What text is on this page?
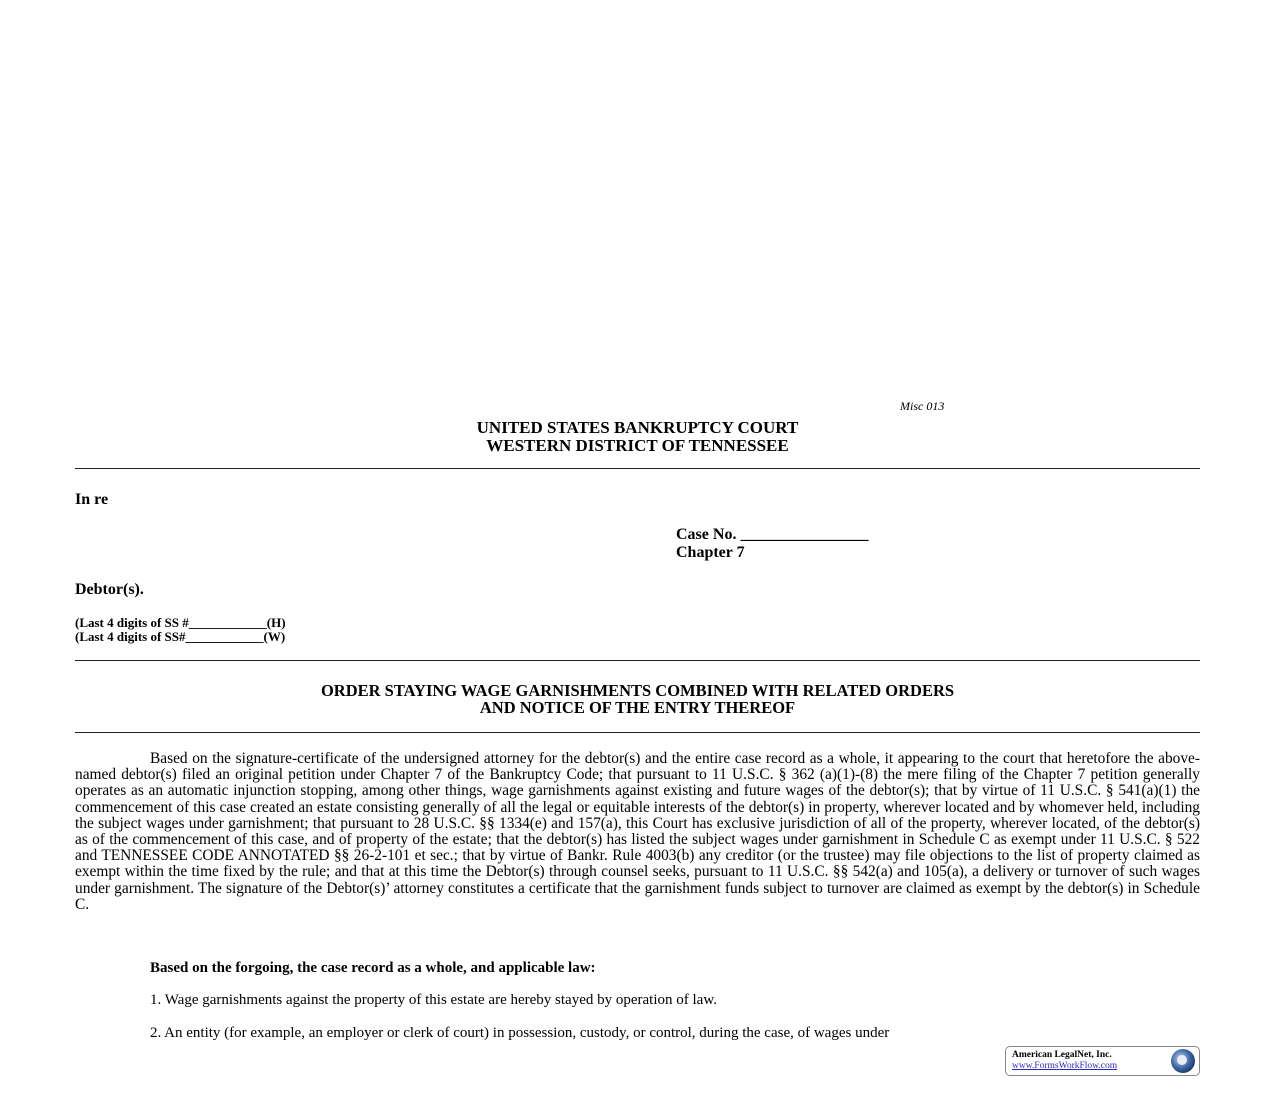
Misc 013
UNITED STATES BANKRUPTCY COURT
WESTERN DISTRICT OF TENNESSEE
In re
Case No. ________________
Chapter 7
Debtor(s).
(Last 4 digits of SS #____________(H)
(Last 4 digits of SS#____________(W)
ORDER STAYING WAGE GARNISHMENTS COMBINED WITH RELATED ORDERS
AND NOTICE OF THE ENTRY THEREOF
Based on the signature-certificate of the undersigned attorney for the debtor(s) and the entire case record as a whole, it appearing to the court that heretofore the above-named debtor(s) filed an original petition under Chapter 7 of the Bankruptcy Code; that pursuant to 11 U.S.C. § 362 (a)(1)-(8) the mere filing of the Chapter 7 petition generally operates as an automatic injunction stopping, among other things, wage garnishments against existing and future wages of the debtor(s); that by virtue of 11 U.S.C. § 541(a)(1) the commencement of this case created an estate consisting generally of all the legal or equitable interests of the debtor(s) in property, wherever located and by whomever held, including the subject wages under garnishment; that pursuant to 28 U.S.C. §§ 1334(e) and 157(a), this Court has exclusive jurisdiction of all of the property, wherever located, of the debtor(s) as of the commencement of this case, and of property of the estate; that the debtor(s) has listed the subject wages under garnishment in Schedule C as exempt under 11 U.S.C. § 522 and TENNESSEE CODE ANNOTATED §§ 26-2-101 et sec.; that by virtue of Bankr. Rule 4003(b) any creditor (or the trustee) may file objections to the list of property claimed as exempt within the time fixed by the rule; and that at this time the Debtor(s) through counsel seeks, pursuant to 11 U.S.C. §§ 542(a) and 105(a), a delivery or turnover of such wages under garnishment. The signature of the Debtor(s)’ attorney constitutes a certificate that the garnishment funds subject to turnover are claimed as exempt by the debtor(s) in Schedule C.
Based on the forgoing, the case record as a whole, and applicable law:
1. Wage garnishments against the property of this estate are hereby stayed by operation of law.
2. An entity (for example, an employer or clerk of court) in possession, custody, or control, during the case, of wages under
American LegalNet, Inc.
www.FormsWorkFlow.com
